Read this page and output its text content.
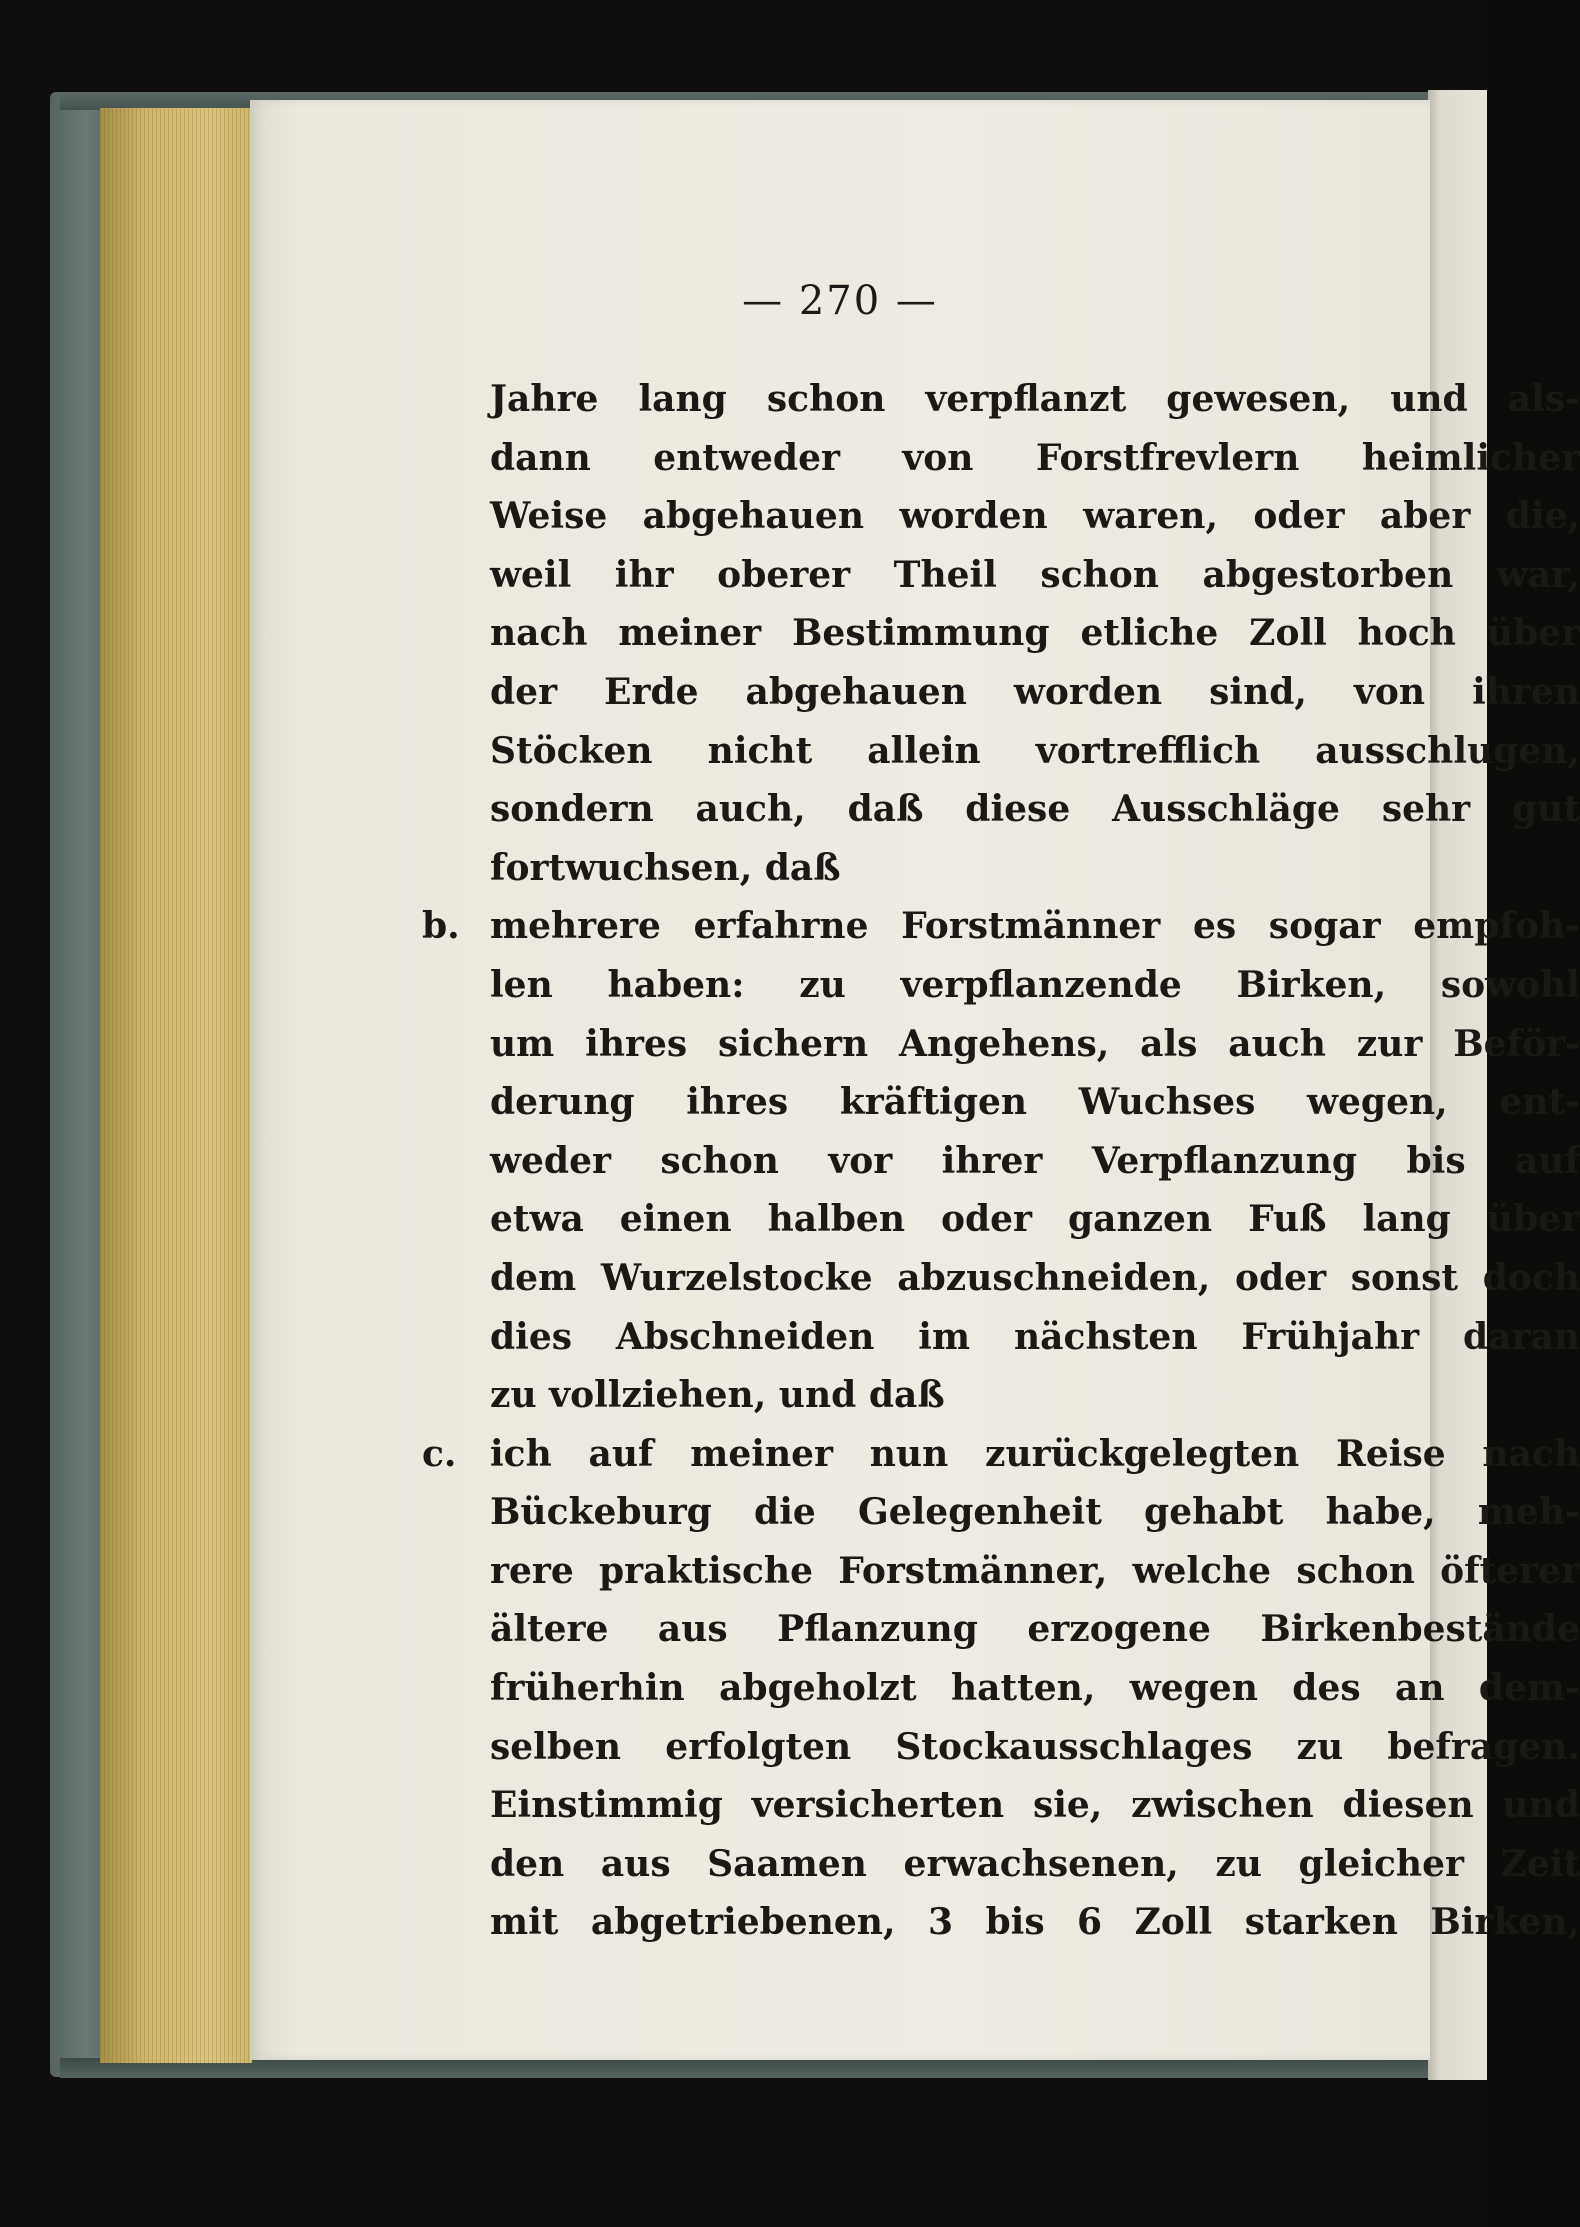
— 270 —
Jahre lang schon verpflanzt gewesen, und als-
dann entweder von Forstfrevlern heimlicher
Weise abgehauen worden waren, oder aber die,
weil ihr oberer Theil schon abgestorben war,
nach meiner Bestimmung etliche Zoll hoch über
der Erde abgehauen worden sind, von ihren
Stöcken nicht allein vortrefflich ausschlugen,
sondern auch, daß diese Ausschläge sehr gut
fortwuchsen, daß
b. mehrere erfahrne Forstmänner es sogar empfoh-
len haben: zu verpflanzende Birken, sowohl
um ihres sichern Angehens, als auch zur Beför-
derung ihres kräftigen Wuchses wegen, ent-
weder schon vor ihrer Verpflanzung bis auf
etwa einen halben oder ganzen Fuß lang über
dem Wurzelstocke abzuschneiden, oder sonst doch
dies Abschneiden im nächsten Frühjahr daran
zu vollziehen, und daß
c. ich auf meiner nun zurückgelegten Reise nach
Bückeburg die Gelegenheit gehabt habe, meh-
rere praktische Forstmänner, welche schon öfterer
ältere aus Pflanzung erzogene Birkenbestände
früherhin abgeholzt hatten, wegen des an dem-
selben erfolgten Stockausschlages zu befragen.
Einstimmig versicherten sie, zwischen diesen und
den aus Saamen erwachsenen, zu gleicher Zeit
mit abgetriebenen, 3 bis 6 Zoll starken Birken,
